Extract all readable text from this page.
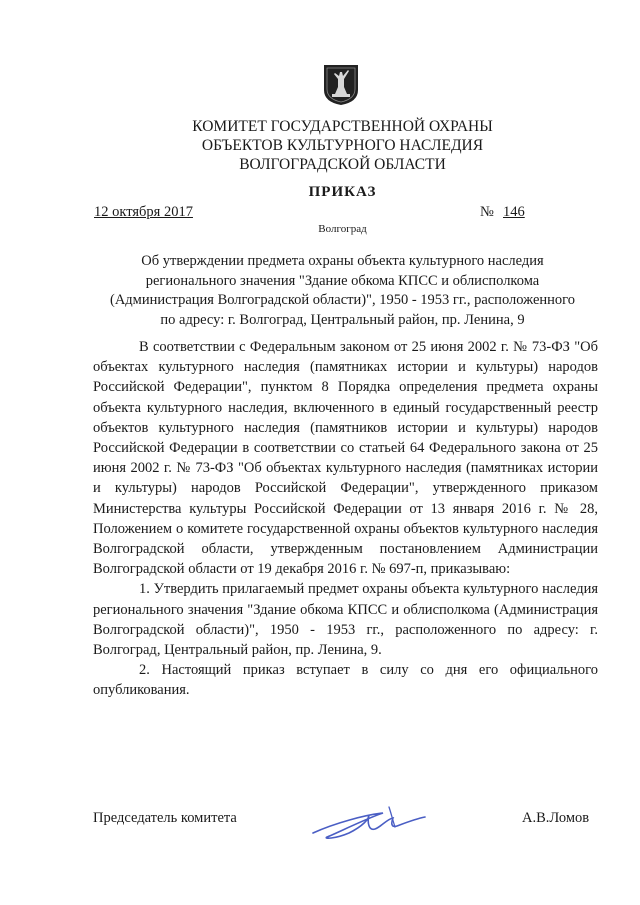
КОМИТЕТ ГОСУДАРСТВЕННОЙ ОХРАНЫ
ОБЪЕКТОВ КУЛЬТУРНОГО НАСЛЕДИЯ
ВОЛГОГРАДСКОЙ ОБЛАСТИ
ПРИКАЗ
12 октября 2017	№ 146
Волгоград
Об утверждении предмета охраны объекта культурного наследия
регионального значения "Здание обкома КПСС и облисполкома
(Администрация Волгоградской области)", 1950 - 1953 гг., расположенного
по адресу: г. Волгоград, Центральный район, пр. Ленина, 9

В соответствии с Федеральным законом от 25 июня 2002 г. № 73-ФЗ "Об объектах культурного наследия (памятниках истории и культуры) народов Российской Федерации", пунктом 8 Порядка определения предмета охраны объекта культурного наследия, включенного в единый государственный реестр объектов культурного наследия (памятников истории и культуры) народов Российской Федерации в соответствии со статьей 64 Федерального закона от 25 июня 2002 г. № 73-ФЗ "Об объектах культурного наследия (памятниках истории и культуры) народов Российской Федерации", утвержденного приказом Министерства культуры Российской Федерации от 13 января 2016 г. № 28, Положением о комитете государственной охраны объектов культурного наследия Волгоградской области, утвержденным постановлением Администрации Волгоградской области от 19 декабря 2016 г. № 697-п, приказываю:

1. Утвердить прилагаемый предмет охраны объекта культурного наследия регионального значения "Здание обкома КПСС и облисполкома (Администрация Волгоградской области)", 1950 - 1953 гг., расположенного по адресу: г. Волгоград, Центральный район, пр. Ленина, 9.

2. Настоящий приказ вступает в силу со дня его официального опубликования.

Председатель комитета	А.В.Ломов
